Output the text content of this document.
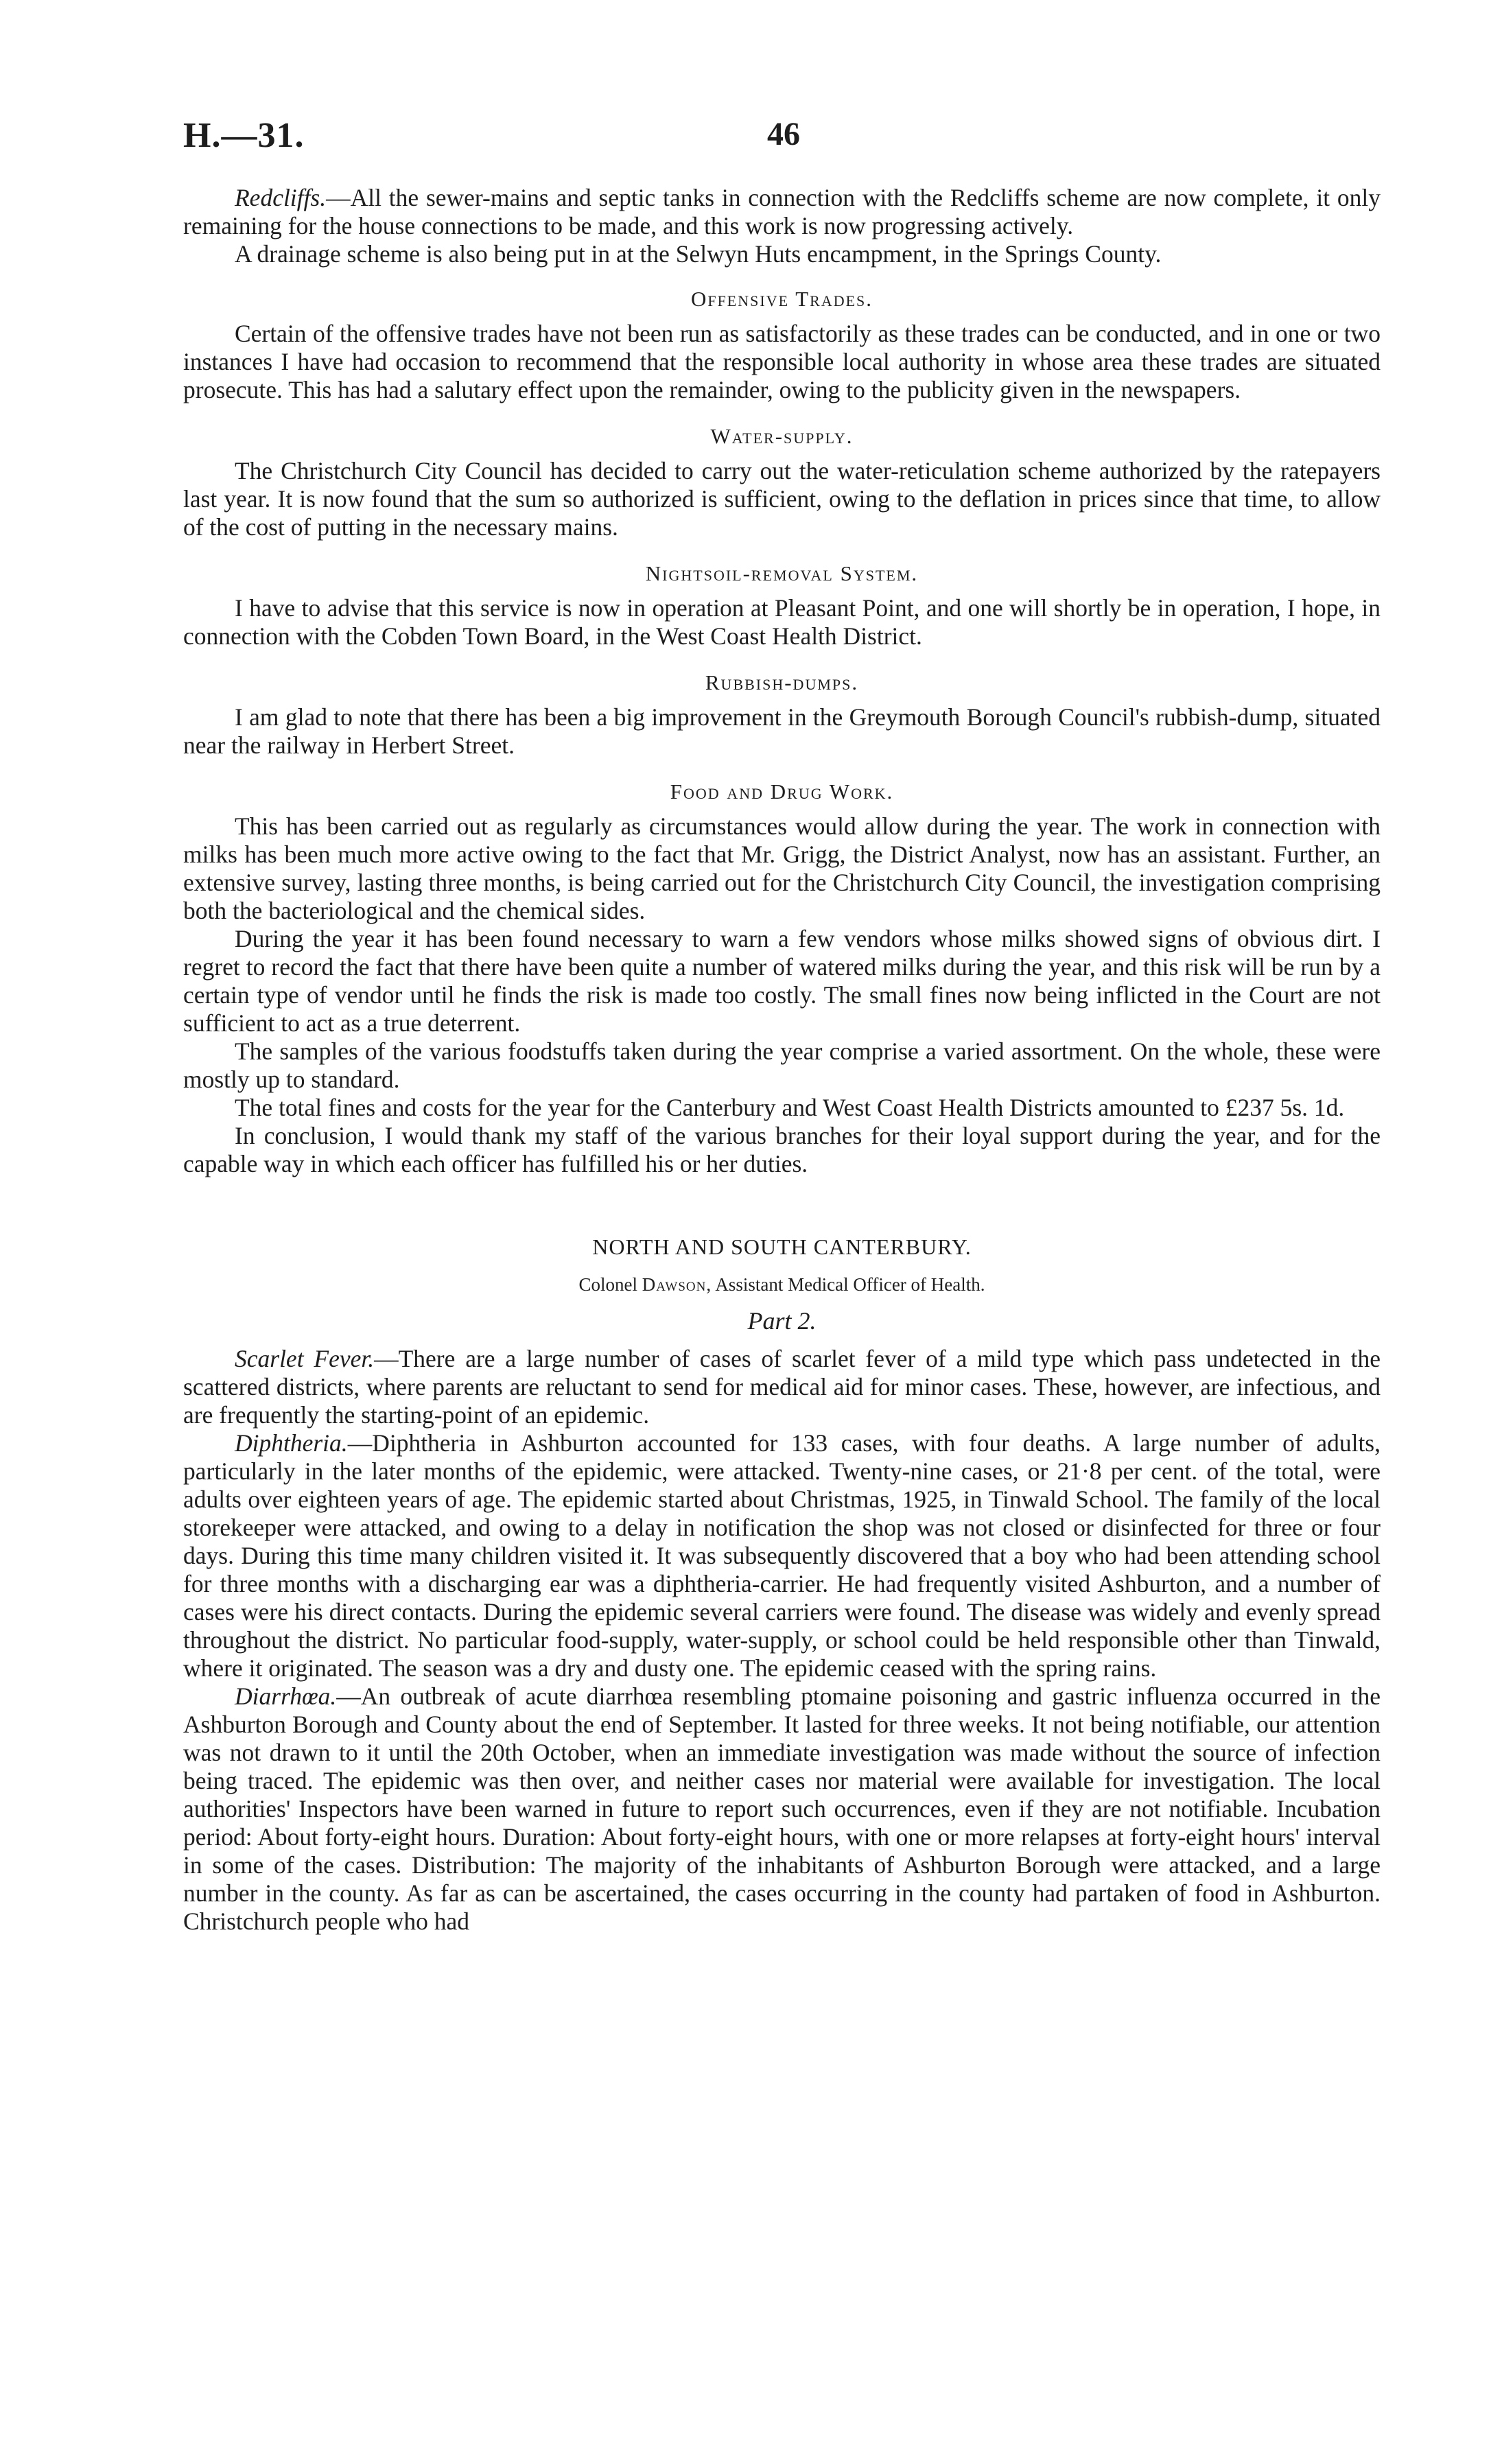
H.—31.	46

Redcliffs.—All the sewer-mains and septic tanks in connection with the Redcliffs scheme are now complete, it only remaining for the house connections to be made, and this work is now progressing actively.

A drainage scheme is also being put in at the Selwyn Huts encampment, in the Springs County.

Offensive Trades.

Certain of the offensive trades have not been run as satisfactorily as these trades can be conducted, and in one or two instances I have had occasion to recommend that the responsible local authority in whose area these trades are situated prosecute. This has had a salutary effect upon the remainder, owing to the publicity given in the newspapers.

Water-supply.

The Christchurch City Council has decided to carry out the water-reticulation scheme authorized by the ratepayers last year. It is now found that the sum so authorized is sufficient, owing to the deflation in prices since that time, to allow of the cost of putting in the necessary mains.

Nightsoil-removal System.

I have to advise that this service is now in operation at Pleasant Point, and one will shortly be in operation, I hope, in connection with the Cobden Town Board, in the West Coast Health District.

Rubbish-dumps.

I am glad to note that there has been a big improvement in the Greymouth Borough Council's rubbish-dump, situated near the railway in Herbert Street.

Food and Drug Work.

This has been carried out as regularly as circumstances would allow during the year. The work in connection with milks has been much more active owing to the fact that Mr. Grigg, the District Analyst, now has an assistant. Further, an extensive survey, lasting three months, is being carried out for the Christchurch City Council, the investigation comprising both the bacteriological and the chemical sides.

During the year it has been found necessary to warn a few vendors whose milks showed signs of obvious dirt. I regret to record the fact that there have been quite a number of watered milks during the year, and this risk will be run by a certain type of vendor until he finds the risk is made too costly. The small fines now being inflicted in the Court are not sufficient to act as a true deterrent.

The samples of the various foodstuffs taken during the year comprise a varied assortment. On the whole, these were mostly up to standard.

The total fines and costs for the year for the Canterbury and West Coast Health Districts amounted to £237 5s. 1d.

In conclusion, I would thank my staff of the various branches for their loyal support during the year, and for the capable way in which each officer has fulfilled his or her duties.

NORTH AND SOUTH CANTERBURY.
Colonel Dawson, Assistant Medical Officer of Health.
Part 2.

Scarlet Fever.—There are a large number of cases of scarlet fever of a mild type which pass undetected in the scattered districts, where parents are reluctant to send for medical aid for minor cases. These, however, are infectious, and are frequently the starting-point of an epidemic.

Diphtheria.—Diphtheria in Ashburton accounted for 133 cases, with four deaths. A large number of adults, particularly in the later months of the epidemic, were attacked. Twenty-nine cases, or 21·8 per cent. of the total, were adults over eighteen years of age. The epidemic started about Christmas, 1925, in Tinwald School. The family of the local storekeeper were attacked, and owing to a delay in notification the shop was not closed or disinfected for three or four days. During this time many children visited it. It was subsequently discovered that a boy who had been attending school for three months with a discharging ear was a diphtheria-carrier. He had frequently visited Ashburton, and a number of cases were his direct contacts. During the epidemic several carriers were found. The disease was widely and evenly spread throughout the district. No particular food-supply, water-supply, or school could be held responsible other than Tinwald, where it originated. The season was a dry and dusty one. The epidemic ceased with the spring rains.

Diarrhœa.—An outbreak of acute diarrhœa resembling ptomaine poisoning and gastric influenza occurred in the Ashburton Borough and County about the end of September. It lasted for three weeks. It not being notifiable, our attention was not drawn to it until the 20th October, when an immediate investigation was made without the source of infection being traced. The epidemic was then over, and neither cases nor material were available for investigation. The local authorities' Inspectors have been warned in future to report such occurrences, even if they are not notifiable. Incubation period: About forty-eight hours. Duration: About forty-eight hours, with one or more relapses at forty-eight hours' interval in some of the cases. Distribution: The majority of the inhabitants of Ashburton Borough were attacked, and a large number in the county. As far as can be ascertained, the cases occurring in the county had partaken of food in Ashburton. Christchurch people who had
